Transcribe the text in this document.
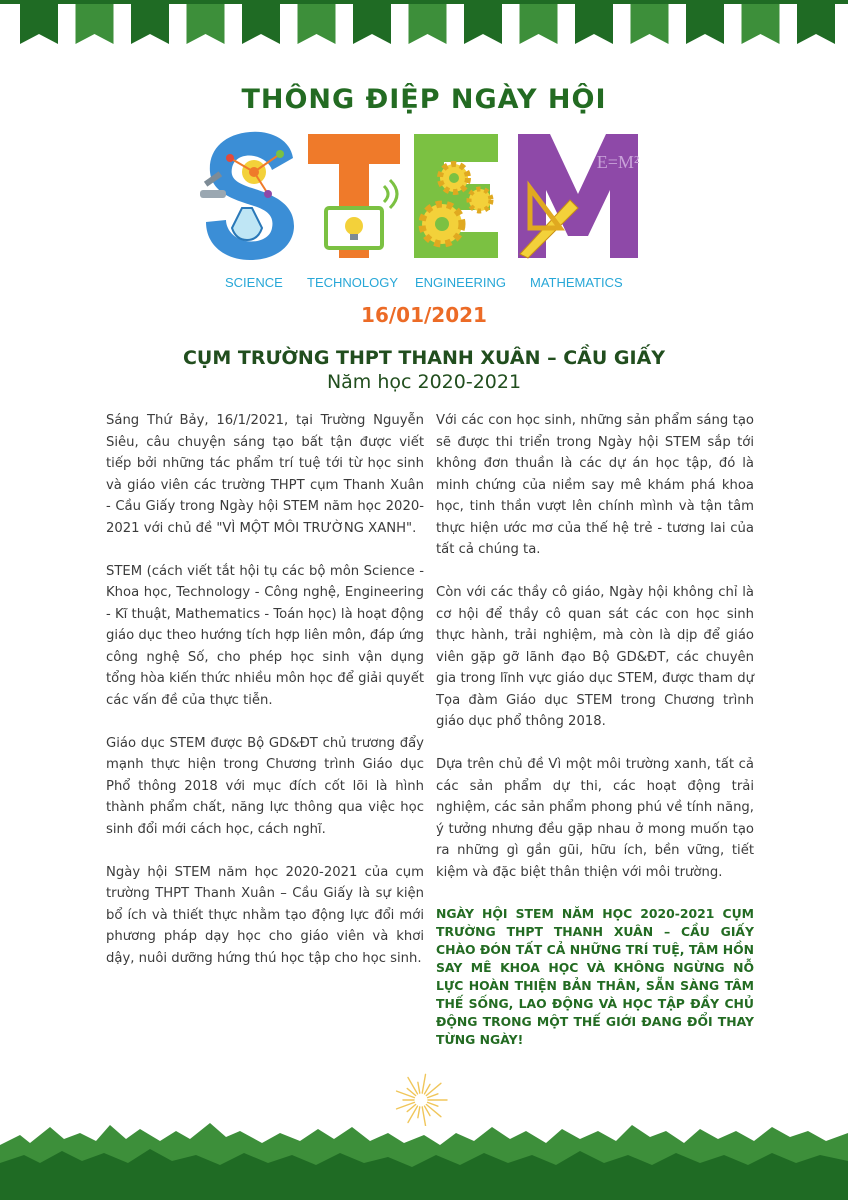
THÔNG ĐIỆP NGÀY HỘI
E=M²
SCIENCE TECHNOLOGY ENGINEERING MATHEMATICS
16/01/2021
CỤM TRƯỜNG THPT THANH XUÂN – CẦU GIẤY
Năm học 2020-2021

Sáng Thứ Bảy, 16/1/2021, tại Trường Nguyễn Siêu, câu chuyện sáng tạo bất tận được viết tiếp bởi những tác phẩm trí tuệ tới từ học sinh và giáo viên các trường THPT cụm Thanh Xuân - Cầu Giấy trong Ngày hội STEM năm học 2020-2021 với chủ đề "VÌ MỘT MÔI TRƯỜNG XANH".

STEM (cách viết tắt hội tụ các bộ môn Science - Khoa học, Technology - Công nghệ, Engineering - Kĩ thuật, Mathematics - Toán học) là hoạt động giáo dục theo hướng tích hợp liên môn, đáp ứng công nghệ Số, cho phép học sinh vận dụng tổng hòa kiến thức nhiều môn học để giải quyết các vấn đề của thực tiễn.

Giáo dục STEM được Bộ GD&ĐT chủ trương đẩy mạnh thực hiện trong Chương trình Giáo dục Phổ thông 2018 với mục đích cốt lõi là hình thành phẩm chất, năng lực thông qua việc học sinh đổi mới cách học, cách nghĩ.

Ngày hội STEM năm học 2020-2021 của cụm trường THPT Thanh Xuân – Cầu Giấy là sự kiện bổ ích và thiết thực nhằm tạo động lực đổi mới phương pháp dạy học cho giáo viên và khơi dậy, nuôi dưỡng hứng thú học tập cho học sinh.

Với các con học sinh, những sản phẩm sáng tạo sẽ được thi triển trong Ngày hội STEM sắp tới không đơn thuần là các dự án học tập, đó là minh chứng của niềm say mê khám phá khoa học, tinh thần vượt lên chính mình và tận tâm thực hiện ước mơ của thế hệ trẻ - tương lai của tất cả chúng ta.

Còn với các thầy cô giáo, Ngày hội không chỉ là cơ hội để thầy cô quan sát các con học sinh thực hành, trải nghiệm, mà còn là dịp để giáo viên gặp gỡ lãnh đạo Bộ GD&ĐT, các chuyên gia trong lĩnh vực giáo dục STEM, được tham dự Tọa đàm Giáo dục STEM trong Chương trình giáo dục phổ thông 2018.

Dựa trên chủ đề Vì một môi trường xanh, tất cả các sản phẩm dự thi, các hoạt động trải nghiệm, các sản phẩm phong phú về tính năng, ý tưởng nhưng đều gặp nhau ở mong muốn tạo ra những gì gần gũi, hữu ích, bền vững, tiết kiệm và đặc biệt thân thiện với môi trường.

NGÀY HỘI STEM NĂM HỌC 2020-2021 CỤM TRƯỜNG THPT THANH XUÂN – CẦU GIẤY CHÀO ĐÓN TẤT CẢ NHỮNG TRÍ TUỆ, TÂM HỒN SAY MÊ KHOA HỌC VÀ KHÔNG NGỪNG NỖ LỰC HOÀN THIỆN BẢN THÂN, SẴN SÀNG TÂM THẾ SỐNG, LAO ĐỘNG VÀ HỌC TẬP ĐẦY CHỦ ĐỘNG TRONG MỘT THẾ GIỚI ĐANG ĐỔI THAY TỪNG NGÀY!
